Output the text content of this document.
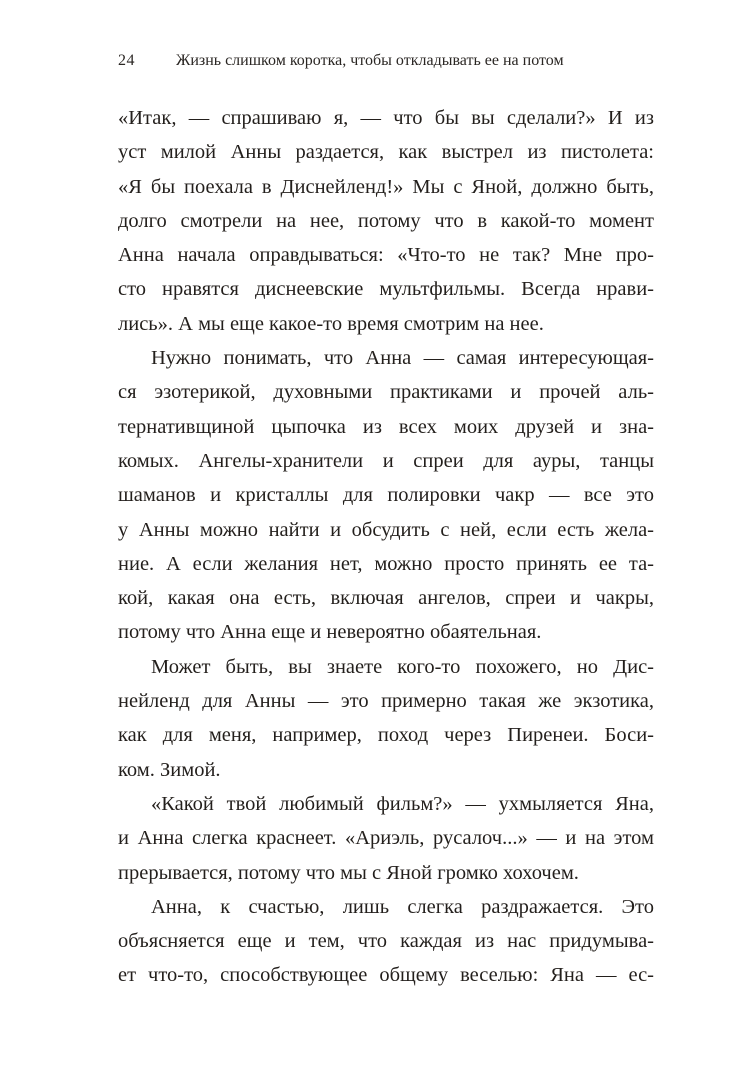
24	Жизнь слишком коротка, чтобы откладывать ее на потом
«Итак, — спрашиваю я, — что бы вы сделали?» И из
уст милой Анны раздается, как выстрел из пистолета:
«Я бы поехала в Диснейленд!» Мы с Яной, должно быть,
долго смотрели на нее, потому что в какой-то момент
Анна начала оправдываться: «Что-то не так? Мне про-
сто нравятся диснеевские мультфильмы. Всегда нрави-
лись». А мы еще какое-то время смотрим на нее.
Нужно понимать, что Анна — самая интересующая-
ся эзотерикой, духовными практиками и прочей аль-
тернативщиной цыпочка из всех моих друзей и зна-
комых. Ангелы-хранители и спреи для ауры, танцы
шаманов и кристаллы для полировки чакр — все это
у Анны можно найти и обсудить с ней, если есть жела-
ние. А если желания нет, можно просто принять ее та-
кой, какая она есть, включая ангелов, спреи и чакры,
потому что Анна еще и невероятно обаятельная.
Может быть, вы знаете кого-то похожего, но Дис-
нейленд для Анны — это примерно такая же экзотика,
как для меня, например, поход через Пиренеи. Боси-
ком. Зимой.
«Какой твой любимый фильм?» — ухмыляется Яна,
и Анна слегка краснеет. «Ариэль, русалоч...» — и на этом
прерывается, потому что мы с Яной громко хохочем.
Анна, к счастью, лишь слегка раздражается. Это
объясняется еще и тем, что каждая из нас придумыва-
ет что-то, способствующее общему веселью: Яна — ес-
